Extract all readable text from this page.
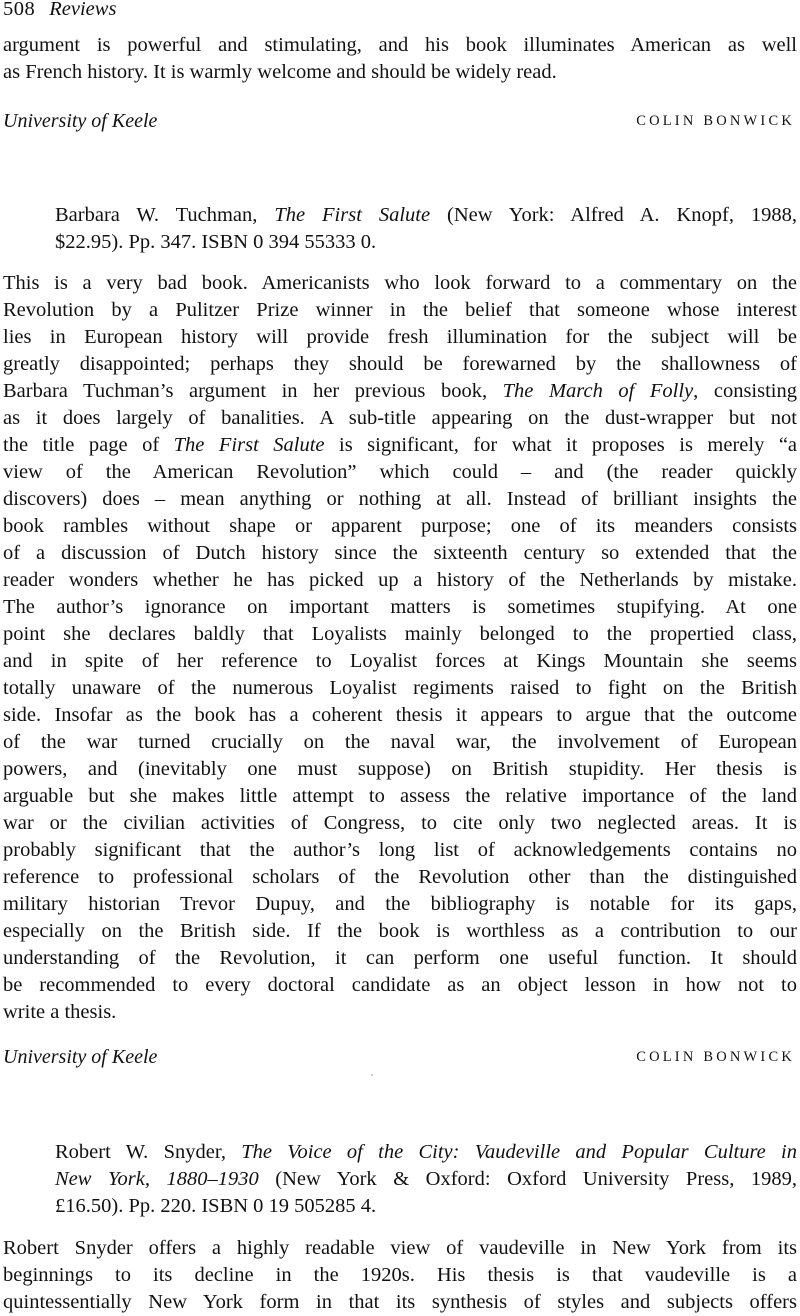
508 Reviews
argument is powerful and stimulating, and his book illuminates American as well
as French history. It is warmly welcome and should be widely read.
University of Keele	COLIN BONWICK
Barbara W. Tuchman, The First Salute (New York: Alfred A. Knopf, 1988,
$22.95). Pp. 347. ISBN 0 394 55333 0.
This is a very bad book. Americanists who look forward to a commentary on the
Revolution by a Pulitzer Prize winner in the belief that someone whose interest
lies in European history will provide fresh illumination for the subject will be
greatly disappointed; perhaps they should be forewarned by the shallowness of
Barbara Tuchman’s argument in her previous book, The March of Folly, consisting
as it does largely of banalities. A sub-title appearing on the dust-wrapper but not
the title page of The First Salute is significant, for what it proposes is merely “a
view of the American Revolution” which could – and (the reader quickly
discovers) does – mean anything or nothing at all. Instead of brilliant insights the
book rambles without shape or apparent purpose; one of its meanders consists
of a discussion of Dutch history since the sixteenth century so extended that the
reader wonders whether he has picked up a history of the Netherlands by mistake.
The author’s ignorance on important matters is sometimes stupifying. At one
point she declares baldly that Loyalists mainly belonged to the propertied class,
and in spite of her reference to Loyalist forces at Kings Mountain she seems
totally unaware of the numerous Loyalist regiments raised to fight on the British
side. Insofar as the book has a coherent thesis it appears to argue that the outcome
of the war turned crucially on the naval war, the involvement of European
powers, and (inevitably one must suppose) on British stupidity. Her thesis is
arguable but she makes little attempt to assess the relative importance of the land
war or the civilian activities of Congress, to cite only two neglected areas. It is
probably significant that the author’s long list of acknowledgements contains no
reference to professional scholars of the Revolution other than the distinguished
military historian Trevor Dupuy, and the bibliography is notable for its gaps,
especially on the British side. If the book is worthless as a contribution to our
understanding of the Revolution, it can perform one useful function. It should
be recommended to every doctoral candidate as an object lesson in how not to
write a thesis.
University of Keele	COLIN BONWICK
Robert W. Snyder, The Voice of the City: Vaudeville and Popular Culture in
New York, 1880–1930 (New York & Oxford: Oxford University Press, 1989,
£16.50). Pp. 220. ISBN 0 19 505285 4.
Robert Snyder offers a highly readable view of vaudeville in New York from its
beginnings to its decline in the 1920s. His thesis is that vaudeville is a
quintessentially New York form in that its synthesis of styles and subjects offers
